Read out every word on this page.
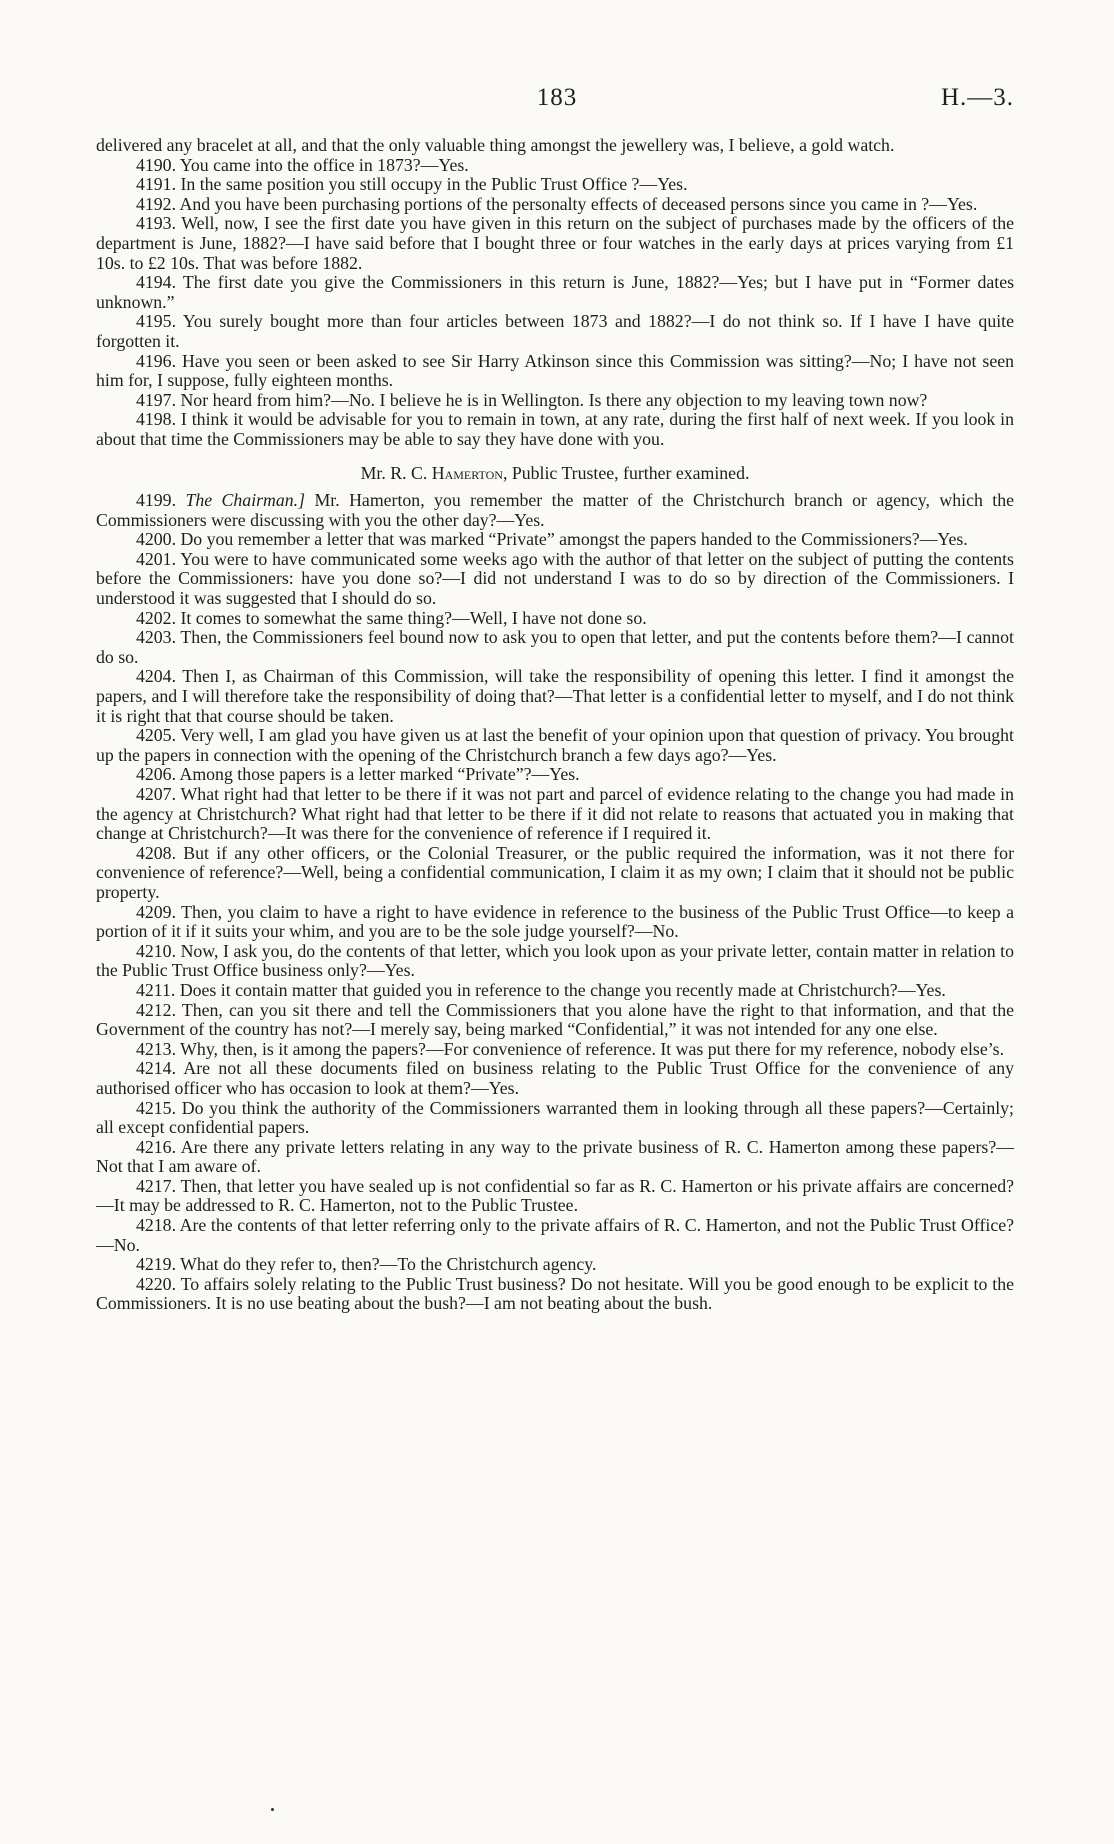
183	H.—3.

delivered any bracelet at all, and that the only valuable thing amongst the jewellery was, I believe, a gold watch.

4190. You came into the office in 1873?—Yes.

4191. In the same position you still occupy in the Public Trust Office ?—Yes.

4192. And you have been purchasing portions of the personalty effects of deceased persons since you came in ?—Yes.

4193. Well, now, I see the first date you have given in this return on the subject of purchases made by the officers of the department is June, 1882?—I have said before that I bought three or four watches in the early days at prices varying from £1 10s. to £2 10s. That was before 1882.

4194. The first date you give the Commissioners in this return is June, 1882?—Yes; but I have put in “Former dates unknown.”

4195. You surely bought more than four articles between 1873 and 1882?—I do not think so. If I have I have quite forgotten it.

4196. Have you seen or been asked to see Sir Harry Atkinson since this Commission was sitting?—No; I have not seen him for, I suppose, fully eighteen months.

4197. Nor heard from him?—No. I believe he is in Wellington. Is there any objection to my leaving town now?

4198. I think it would be advisable for you to remain in town, at any rate, during the first half of next week. If you look in about that time the Commissioners may be able to say they have done with you.

Mr. R. C. Hamerton, Public Trustee, further examined.

4199. The Chairman.] Mr. Hamerton, you remember the matter of the Christchurch branch or agency, which the Commissioners were discussing with you the other day?—Yes.

4200. Do you remember a letter that was marked “Private” amongst the papers handed to the Commissioners?—Yes.

4201. You were to have communicated some weeks ago with the author of that letter on the subject of putting the contents before the Commissioners: have you done so?—I did not understand I was to do so by direction of the Commissioners. I understood it was suggested that I should do so.

4202. It comes to somewhat the same thing?—Well, I have not done so.

4203. Then, the Commissioners feel bound now to ask you to open that letter, and put the contents before them?—I cannot do so.

4204. Then I, as Chairman of this Commission, will take the responsibility of opening this letter. I find it amongst the papers, and I will therefore take the responsibility of doing that?—That letter is a confidential letter to myself, and I do not think it is right that that course should be taken.

4205. Very well, I am glad you have given us at last the benefit of your opinion upon that question of privacy. You brought up the papers in connection with the opening of the Christchurch branch a few days ago?—Yes.

4206. Among those papers is a letter marked “Private”?—Yes.

4207. What right had that letter to be there if it was not part and parcel of evidence relating to the change you had made in the agency at Christchurch? What right had that letter to be there if it did not relate to reasons that actuated you in making that change at Christchurch?—It was there for the convenience of reference if I required it.

4208. But if any other officers, or the Colonial Treasurer, or the public required the information, was it not there for convenience of reference?—Well, being a confidential communication, I claim it as my own; I claim that it should not be public property.

4209. Then, you claim to have a right to have evidence in reference to the business of the Public Trust Office—to keep a portion of it if it suits your whim, and you are to be the sole judge yourself?—No.

4210. Now, I ask you, do the contents of that letter, which you look upon as your private letter, contain matter in relation to the Public Trust Office business only?—Yes.

4211. Does it contain matter that guided you in reference to the change you recently made at Christchurch?—Yes.

4212. Then, can you sit there and tell the Commissioners that you alone have the right to that information, and that the Government of the country has not?—I merely say, being marked “Confidential,” it was not intended for any one else.

4213. Why, then, is it among the papers?—For convenience of reference. It was put there for my reference, nobody else’s.

4214. Are not all these documents filed on business relating to the Public Trust Office for the convenience of any authorised officer who has occasion to look at them?—Yes.

4215. Do you think the authority of the Commissioners warranted them in looking through all these papers?—Certainly; all except confidential papers.

4216. Are there any private letters relating in any way to the private business of R. C. Hamerton among these papers?—Not that I am aware of.

4217. Then, that letter you have sealed up is not confidential so far as R. C. Hamerton or his private affairs are concerned?—It may be addressed to R. C. Hamerton, not to the Public Trustee.

4218. Are the contents of that letter referring only to the private affairs of R. C. Hamerton, and not the Public Trust Office?—No.

4219. What do they refer to, then?—To the Christchurch agency.

4220. To affairs solely relating to the Public Trust business? Do not hesitate. Will you be good enough to be explicit to the Commissioners. It is no use beating about the bush?—I am not beating about the bush.
